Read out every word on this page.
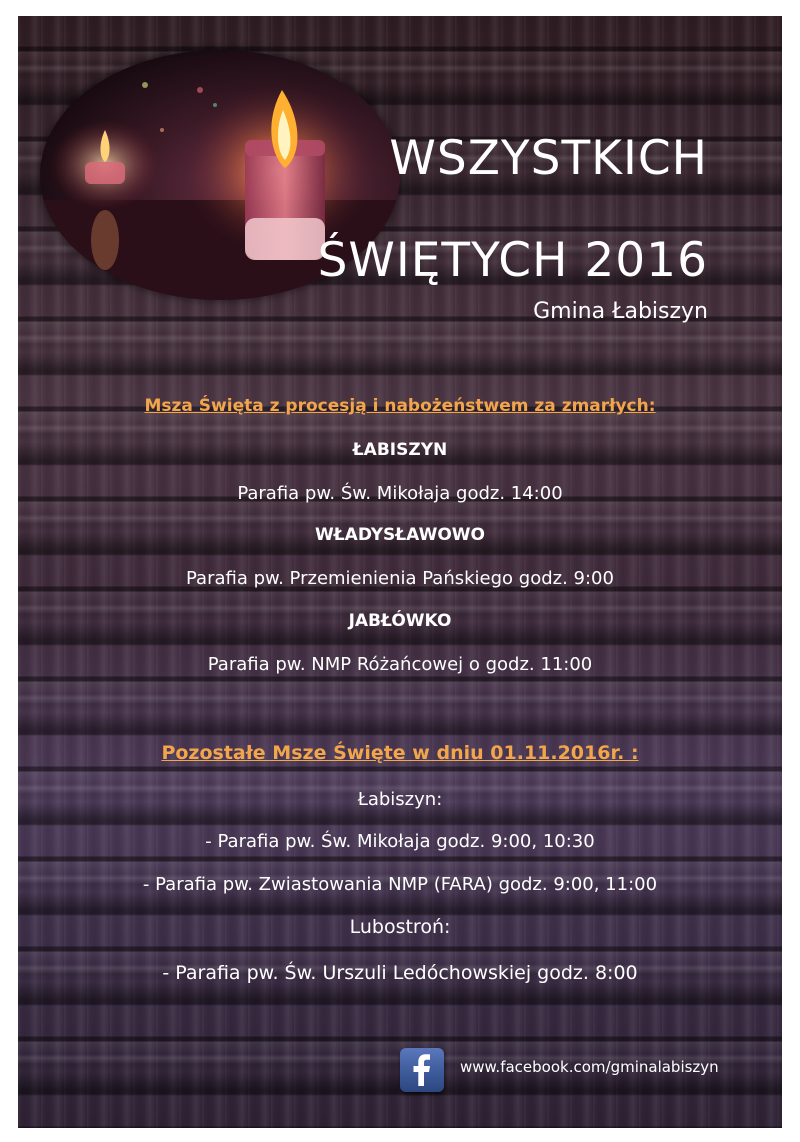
WSZYSTKICH
ŚWIĘTYCH 2016
Gmina Łabiszyn
Msza Święta z procesją i nabożeństwem za zmarłych:
ŁABISZYN
Parafia pw. Św. Mikołaja godz. 14:00
WŁADYSŁAWOWO
Parafia pw. Przemienienia Pańskiego godz. 9:00
JABŁÓWKO
Parafia pw. NMP Różańcowej o godz. 11:00
Pozostałe Msze Święte w dniu 01.11.2016r. :
Łabiszyn:
- Parafia pw. Św. Mikołaja godz. 9:00, 10:30
- Parafia pw. Zwiastowania NMP (FARA) godz. 9:00, 11:00
Lubostroń:
- Parafia pw. Św. Urszuli Ledóchowskiej godz. 8:00
www.facebook.com/gminalabiszyn
